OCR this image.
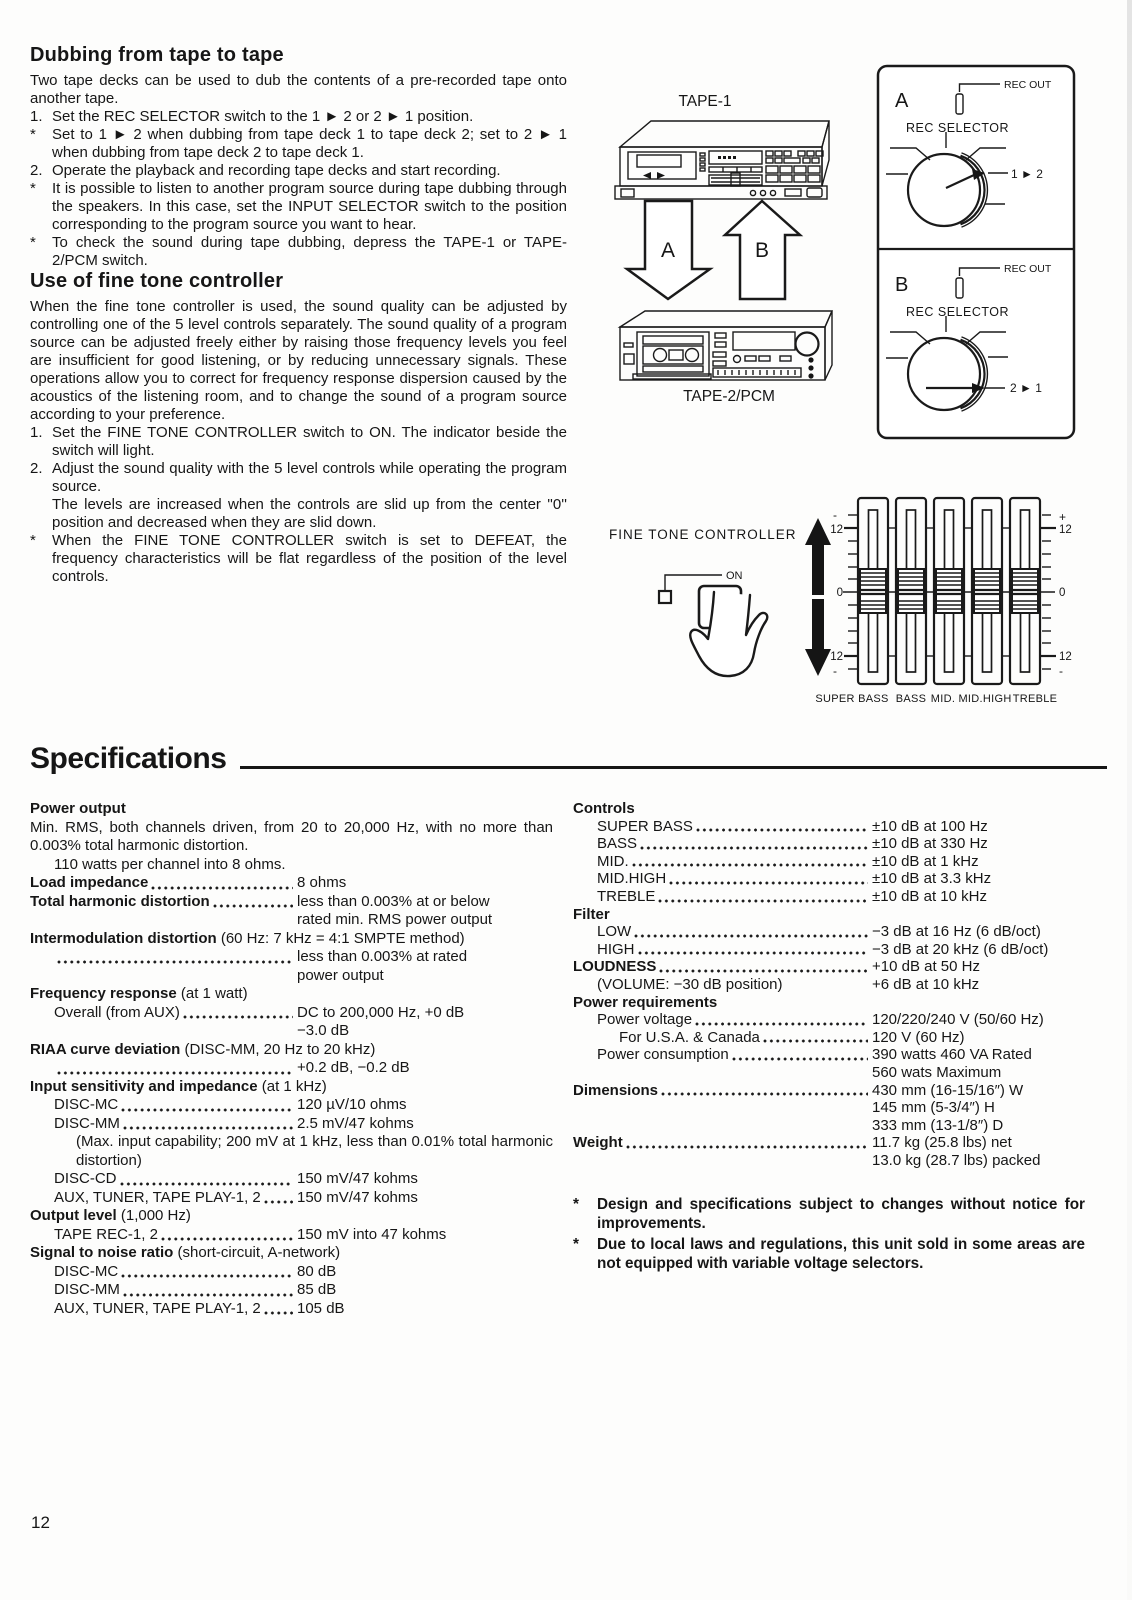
Dubbing from tape to tape

Two tape decks can be used to dub the contents of a pre-recorded tape onto another tape.

1. Set the REC SELECTOR switch to the 1 ► 2 or 2 ► 1 position.
*	Set to 1 ► 2 when dubbing from tape deck 1 to tape deck 2; set to 2 ► 1 when dubbing from tape deck 2 to tape deck 1.
2. Operate the playback and recording tape decks and start recording.
*	It is possible to listen to another program source during tape dubbing through the speakers. In this case, set the INPUT SELECTOR switch to the position corresponding to the program source you want to hear.
*	To check the sound during tape dubbing, depress the TAPE-1 or TAPE-2/PCM switch.
Use of fine tone controller

When the fine tone controller is used, the sound quality can be adjusted by controlling one of the 5 level controls separately. The sound quality of a program source can be adjusted freely either by raising those frequency levels you feel are insufficient for good listening, or by reducing unnecessary signals. These operations allow you to correct for frequency response dispersion caused by the acoustics of the listening room, and to change the sound of a program source according to your preference.

1. Set the FINE TONE CONTROLLER switch to ON. The indicator beside the switch will light.
2. Adjust the sound quality with the 5 level controls while operating the program source.
The levels are increased when the controls are slid up from the center ''0'' position and decreased when they are slid down.
*	When the FINE TONE CONTROLLER switch is set to DEFEAT, the frequency characteristics will be flat regardless of the position of the level controls.
TAPE-1
A	B
TAPE-2/PCM
A
REC OUT
REC SELECTOR
1 ► 2
B
REC OUT
REC SELECTOR
2 ► 1
FINE TONE CONTROLLER
ON
-
12
0
12
-
+
12
0
12
-
SUPER BASS BASS MID. MID.HIGH TREBLE
Specifications
Power output
Min. RMS, both channels driven, from 20 to 20,000 Hz, with no more than 0.003% total harmonic distortion.
110 watts per channel into 8 ohms.
Load impedance	8 ohms
Total harmonic distortion	less than 0.003% at or below
rated min. RMS power output
Intermodulation distortion (60 Hz: 7 kHz = 4:1 SMPTE method)
less than 0.003% at rated
power output
Frequency response (at 1 watt)
Overall (from AUX)	DC to 200,000 Hz, +0 dB
−3.0 dB
RIAA curve deviation (DISC-MM, 20 Hz to 20 kHz)
+0.2 dB, −0.2 dB
Input sensitivity and impedance (at 1 kHz)
DISC-MC	120 µV/10 ohms
DISC-MM	2.5 mV/47 kohms
(Max. input capability; 200 mV at 1 kHz, less than 0.01% total harmonic distortion)
DISC-CD	150 mV/47 kohms
AUX, TUNER, TAPE PLAY-1, 2 150 mV/47 kohms
Output level (1,000 Hz)
TAPE REC-1, 2	150 mV into 47 kohms
Signal to noise ratio (short-circuit, A-network)
DISC-MC	80 dB
DISC-MM	85 dB
AUX, TUNER, TAPE PLAY-1, 2 105 dB
Controls
SUPER BASS	±10 dB at 100 Hz
BASS	±10 dB at 330 Hz
MID.	±10 dB at 1 kHz
MID.HIGH	±10 dB at 3.3 kHz
TREBLE	±10 dB at 10 kHz
Filter
LOW	−3 dB at 16 Hz (6 dB/oct)
HIGH	−3 dB at 20 kHz (6 dB/oct)
LOUDNESS	+10 dB at 50 Hz
(VOLUME: −30 dB position)	+6 dB at 10 kHz
Power requirements
Power voltage	120/220/240 V (50/60 Hz)
For U.S.A. & Canada	120 V (60 Hz)
Power consumption	390 watts 460 VA Rated
560 wats Maximum
Dimensions	430 mm (16-15/16″) W
145 mm (5-3/4″) H
333 mm (13-1/8″) D
Weight	11.7 kg (25.8 lbs) net
13.0 kg (28.7 lbs) packed
*	Design and specifications subject to changes without notice for improvements.
*	Due to local laws and regulations, this unit sold in some areas are not equipped with variable voltage selectors.
12
